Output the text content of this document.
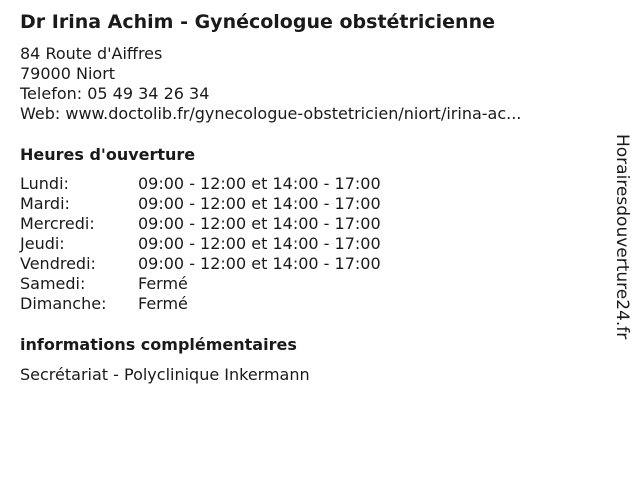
Dr Irina Achim - Gynécologue obstétricienne
84 Route d'Aiffres
79000 Niort
Telefon: 05 49 34 26 34
Web: www.doctolib.fr/gynecologue-obstetricien/niort/irina-ac...
Heures d'ouverture
Lundi:	09:00 - 12:00 et 14:00 - 17:00
Mardi:	09:00 - 12:00 et 14:00 - 17:00
Mercredi:	09:00 - 12:00 et 14:00 - 17:00
Jeudi:	09:00 - 12:00 et 14:00 - 17:00
Vendredi:	09:00 - 12:00 et 14:00 - 17:00
Samedi:	Fermé
Dimanche: Fermé
informations complémentaires
Secrétariat - Polyclinique Inkermann
Horairesdouverture24.fr
